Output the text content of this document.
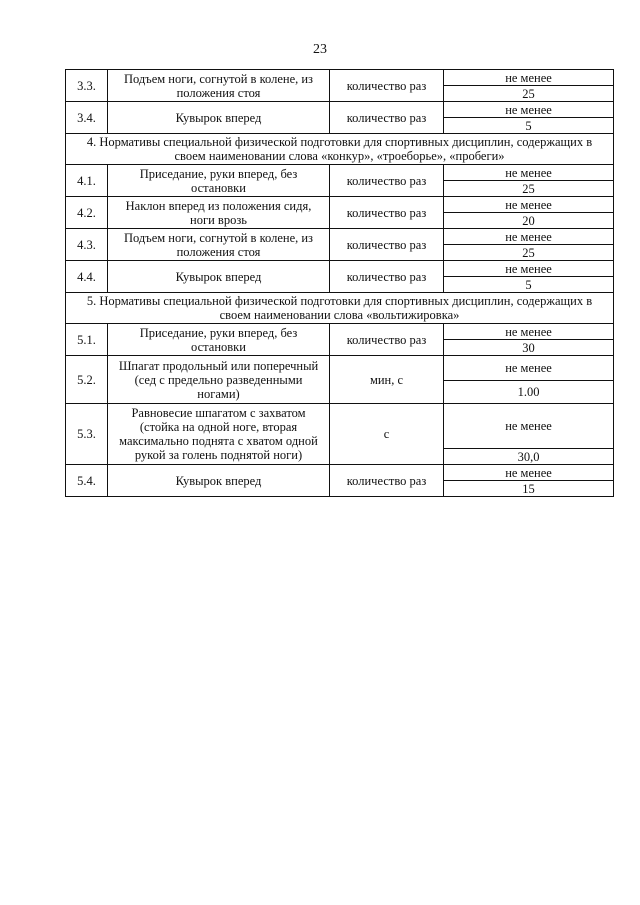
23
3.3.	Подъем ноги, согнутой в колене, из положения стоя	количество раз	не менее
			25
3.4.	Кувырок вперед	количество раз	не менее
			5
4. Нормативы специальной физической подготовки для спортивных дисциплин, содержащих в своем наименовании слова «конкур», «троеборье», «пробеги»			
4.1.	Приседание, руки вперед, без остановки	количество раз	не менее
			25
4.2.	Наклон вперед из положения сидя, ноги врозь	количество раз	не менее
			20
4.3.	Подъем ноги, согнутой в колене, из положения стоя	количество раз	не менее
			25
4.4.	Кувырок вперед	количество раз	не менее
			5
5. Нормативы специальной физической подготовки для спортивных дисциплин, содержащих в своем наименовании слова «вольтижировка»			
5.1.	Приседание, руки вперед, без остановки	количество раз	не менее
			30
5.2.	Шпагат продольный или поперечный (сед с предельно разведенными ногами)	мин, с	не менее
			1.00
5.3.	Равновесие шпагатом с захватом (стойка на одной ноге, вторая максимально поднята с хватом одной рукой за голень поднятой ноги)	с	не менее
			30,0
5.4.	Кувырок вперед	количество раз	не менее
			15
